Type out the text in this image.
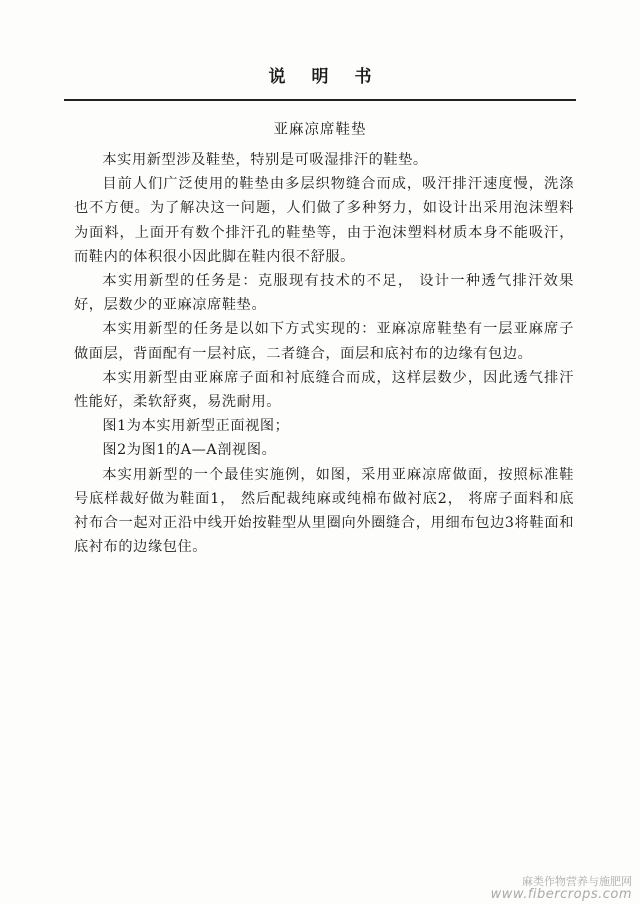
说明书
亚麻凉席鞋垫

本实用新型涉及鞋垫，特别是可吸湿排汗的鞋垫。

目前人们广泛使用的鞋垫由多层织物缝合而成，吸汗排汗速度慢，洗涤也不方便。为了解决这一问题，人们做了多种努力，如设计出采用泡沫塑料为面料，上面开有数个排汗孔的鞋垫等，由于泡沫塑料材质本身不能吸汗，而鞋内的体积很小因此脚在鞋内很不舒服。

本实用新型的任务是：克服现有技术的不足， 设计一种透气排汗效果好，层数少的亚麻凉席鞋垫。

本实用新型的任务是以如下方式实现的：亚麻凉席鞋垫有一层亚麻席子做面层，背面配有一层衬底，二者缝合，面层和底衬布的边缘有包边。

本实用新型由亚麻席子面和衬底缝合而成，这样层数少，因此透气排汗性能好，柔软舒爽，易洗耐用。

图1为本实用新型正面视图；

图2为图1的A—A剖视图。

本实用新型的一个最佳实施例，如图，采用亚麻凉席做面，按照标准鞋号底样裁好做为鞋面1， 然后配裁纯麻或纯棉布做衬底2， 将席子面料和底衬布合一起对正沿中线开始按鞋型从里圈向外圈缝合，用细布包边3将鞋面和底衬布的边缘包住。

麻类作物营养与施肥网
www.fibercrops.com
